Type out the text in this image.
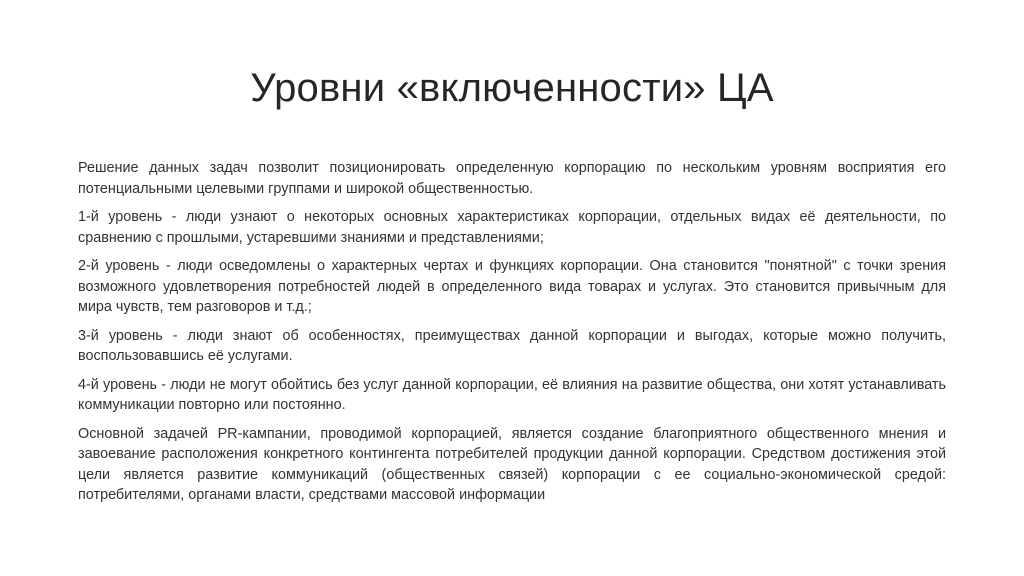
Уровни «включенности» ЦА

Решение данных задач позволит позиционировать определенную корпорацию по нескольким уровням восприятия его потенциальными целевыми группами и широкой общественностью.

1-й уровень - люди узнают о некоторых основных характеристиках корпорации, отдельных видах её деятельности, по сравнению с прошлыми, устаревшими знаниями и представлениями;

2-й уровень - люди осведомлены о характерных чертах и функциях корпорации. Она становится "понятной" с точки зрения возможного удовлетворения потребностей людей в определенного вида товарах и услугах. Это становится привычным для мира чувств, тем разговоров и т.д.;

3-й уровень - люди знают об особенностях, преимуществах данной корпорации и выгодах, которые можно получить, воспользовавшись её услугами.

4-й уровень - люди не могут обойтись без услуг данной корпорации, её влияния на развитие общества, они хотят устанавливать коммуникации повторно или постоянно.

Основной задачей PR-кампании, проводимой корпорацией, является создание благоприятного общественного мнения и завоевание расположения конкретного контингента потребителей продукции данной корпорации. Средством достижения этой цели является развитие коммуникаций (общественных связей) корпорации с ее социально-экономической средой: потребителями, органами власти, средствами массовой информации
